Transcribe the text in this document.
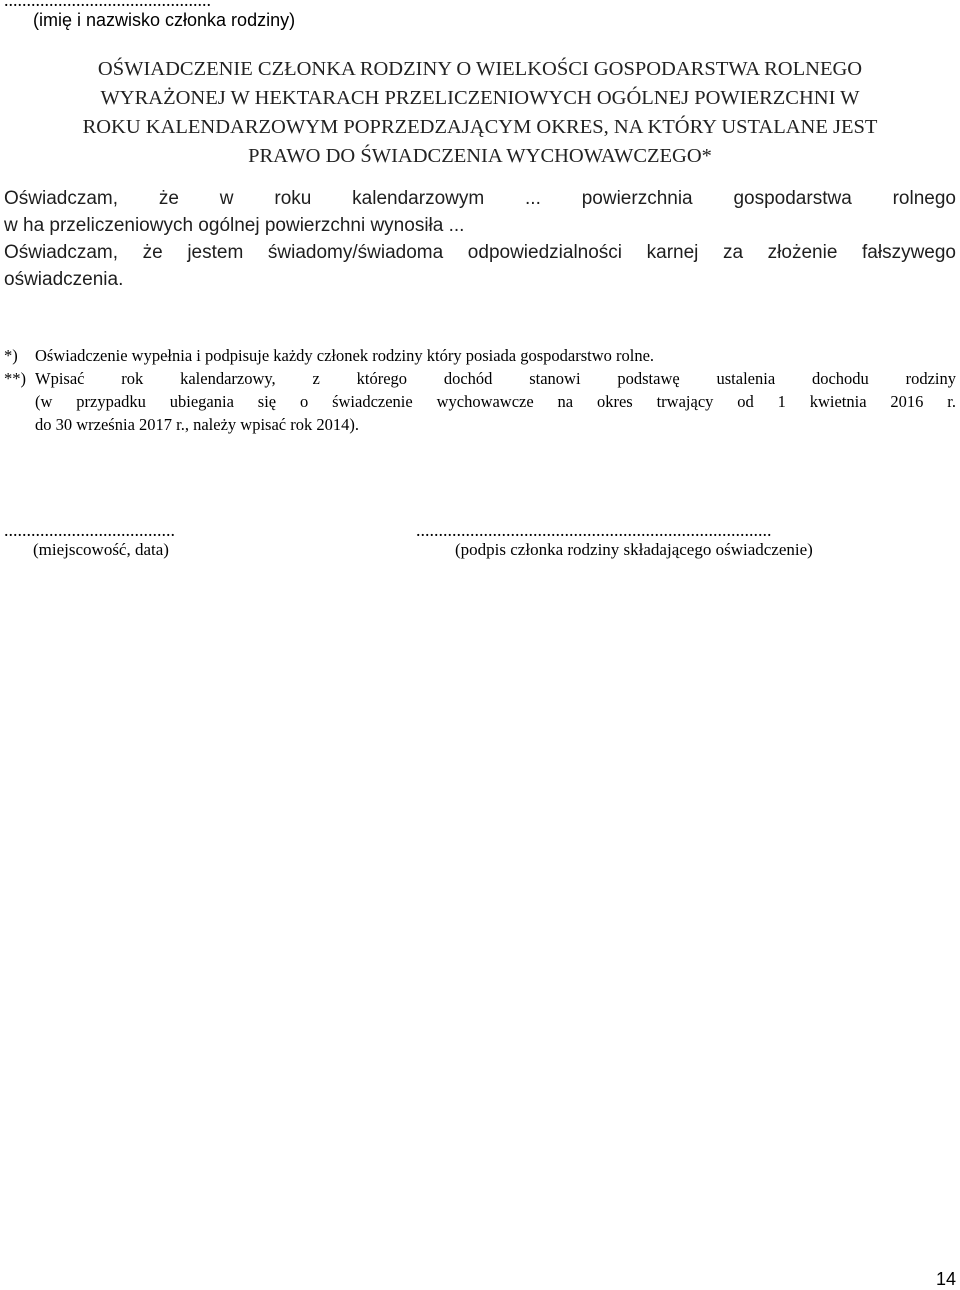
..............................................
(imię i nazwisko członka rodziny)
OŚWIADCZENIE CZŁONKA RODZINY O WIELKOŚCI GOSPODARSTWA ROLNEGO
WYRAŻONEJ W HEKTARACH PRZELICZENIOWYCH OGÓLNEJ POWIERZCHNI W
ROKU KALENDARZOWYM POPRZEDZAJĄCYM OKRES, NA KTÓRY USTALANE JEST
PRAWO DO ŚWIADCZENIA WYCHOWAWCZEGO*
Oświadczam, że w roku kalendarzowym ... powierzchnia gospodarstwa rolnego
w ha przeliczeniowych ogólnej powierzchni wynosiła ...
Oświadczam, że jestem świadomy/świadoma odpowiedzialności karnej za złożenie fałszywego
oświadczenia.
*) Oświadczenie wypełnia i podpisuje każdy członek rodziny który posiada gospodarstwo rolne.
**) Wpisać rok kalendarzowy, z którego dochód stanowi podstawę ustalenia dochodu rodziny
(w przypadku ubiegania się o świadczenie wychowawcze na okres trwający od 1 kwietnia 2016 r.
do 30 września 2017 r., należy wpisać rok 2014).
......................................	...............................................................................
(miejscowość, data)	(podpis członka rodziny składającego oświadczenie)
14
